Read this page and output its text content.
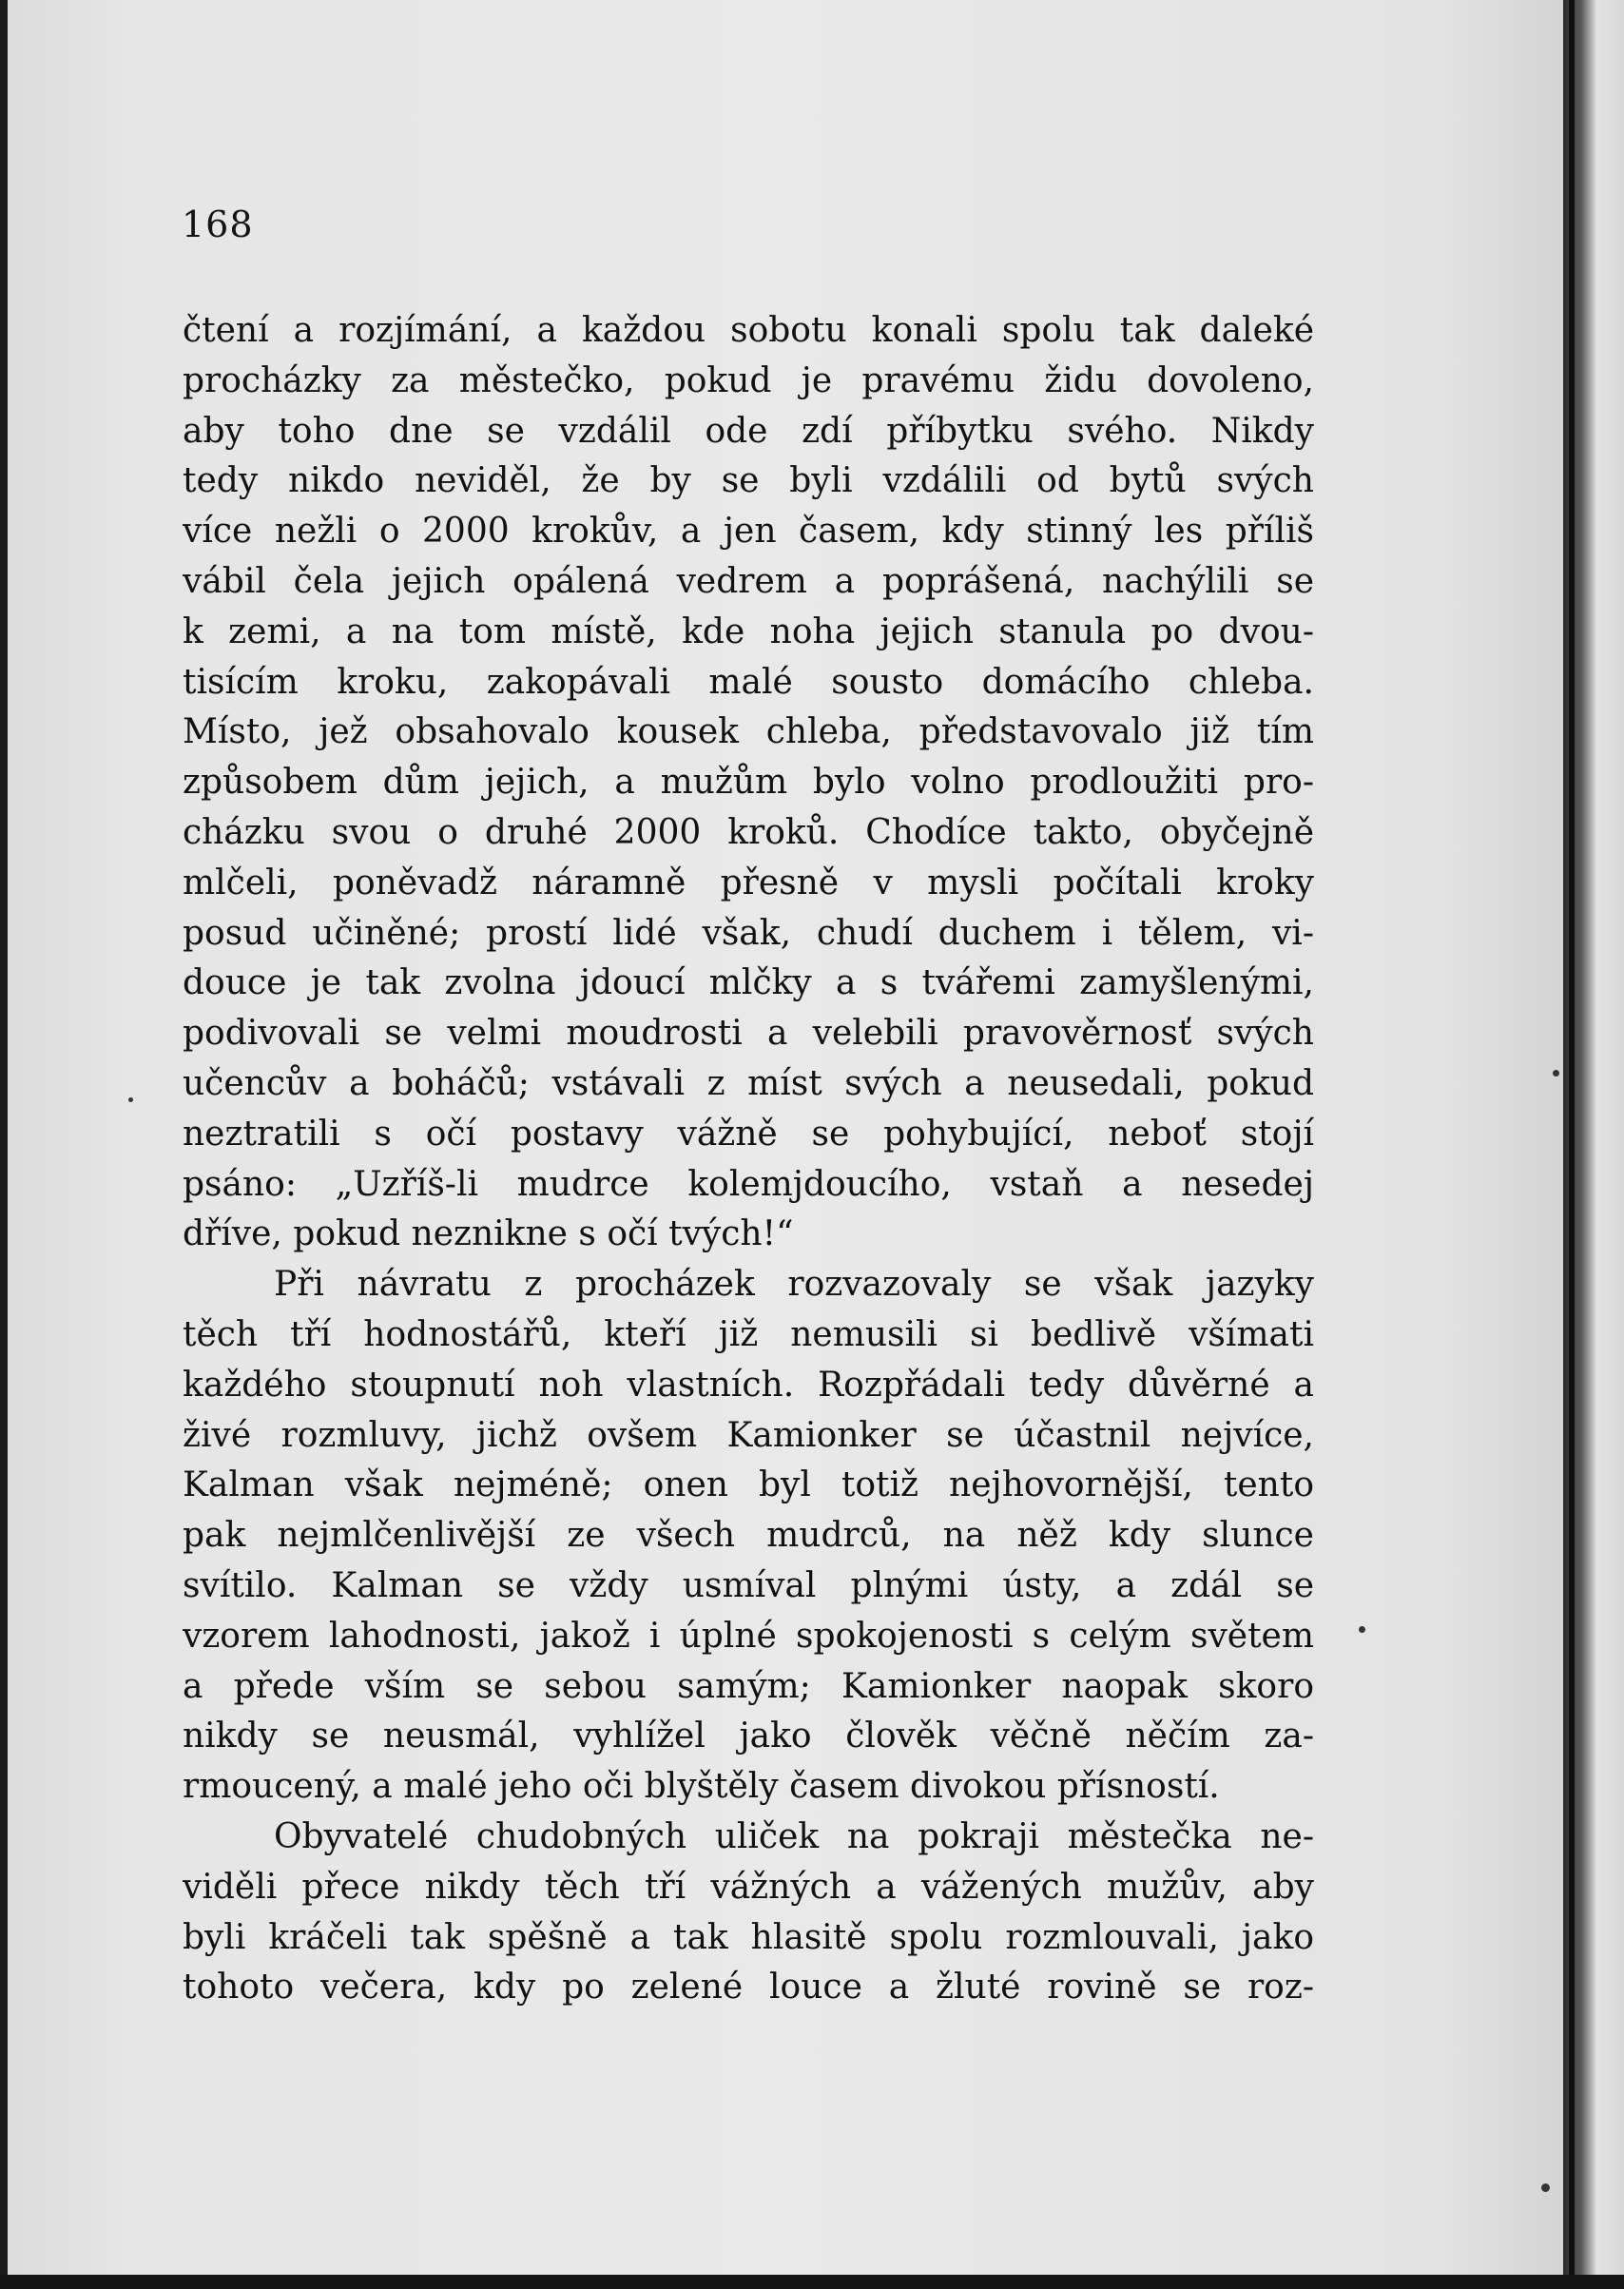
168

čtení a rozjímání, a každou sobotu konali spolu tak daleké
procházky za městečko, pokud je pravému židu dovoleno,
aby toho dne se vzdálil ode zdí příbytku svého. Nikdy
tedy nikdo neviděl, že by se byli vzdálili od bytů svých
více nežli o 2000 krokův, a jen časem, kdy stinný les příliš
vábil čela jejich opálená vedrem a poprášená, nachýlili se
k zemi, a na tom místě, kde noha jejich stanula po dvou-
tisícím kroku, zakopávali malé sousto domácího chleba.
Místo, jež obsahovalo kousek chleba, představovalo již tím
způsobem dům jejich, a mužům bylo volno prodloužiti pro-
cházku svou o druhé 2000 kroků. Chodíce takto, obyčejně
mlčeli, poněvadž náramně přesně v mysli počítali kroky
posud učiněné; prostí lidé však, chudí duchem i tělem, vi-
douce je tak zvolna jdoucí mlčky a s tvářemi zamyšlenými,
podivovali se velmi moudrosti a velebili pravověrnosť svých
učencův a boháčů; vstávali z míst svých a neusedali, pokud
neztratili s očí postavy vážně se pohybující, neboť stojí
psáno: „Uzříš-li mudrce kolemjdoucího, vstaň a nesedej
dříve, pokud neznikne s očí tvých!“

Při návratu z procházek rozvazovaly se však jazyky
těch tří hodnostářů, kteří již nemusili si bedlivě všímati
každého stoupnutí noh vlastních. Rozpřádali tedy důvěrné a
živé rozmluvy, jichž ovšem Kamionker se účastnil nejvíce,
Kalman však nejméně; onen byl totiž nejhovornější, tento
pak nejmlčenlivější ze všech mudrců, na něž kdy slunce
svítilo. Kalman se vždy usmíval plnými ústy, a zdál se
vzorem lahodnosti, jakož i úplné spokojenosti s celým světem
a přede vším se sebou samým; Kamionker naopak skoro
nikdy se neusmál, vyhlížel jako člověk věčně něčím za-
rmoucený, a malé jeho oči blyštěly časem divokou přísností.

Obyvatelé chudobných uliček na pokraji městečka ne-
viděli přece nikdy těch tří vážných a vážených mužův, aby
byli kráčeli tak spěšně a tak hlasitě spolu rozmlouvali, jako
tohoto večera, kdy po zelené louce a žluté rovině se roz-
